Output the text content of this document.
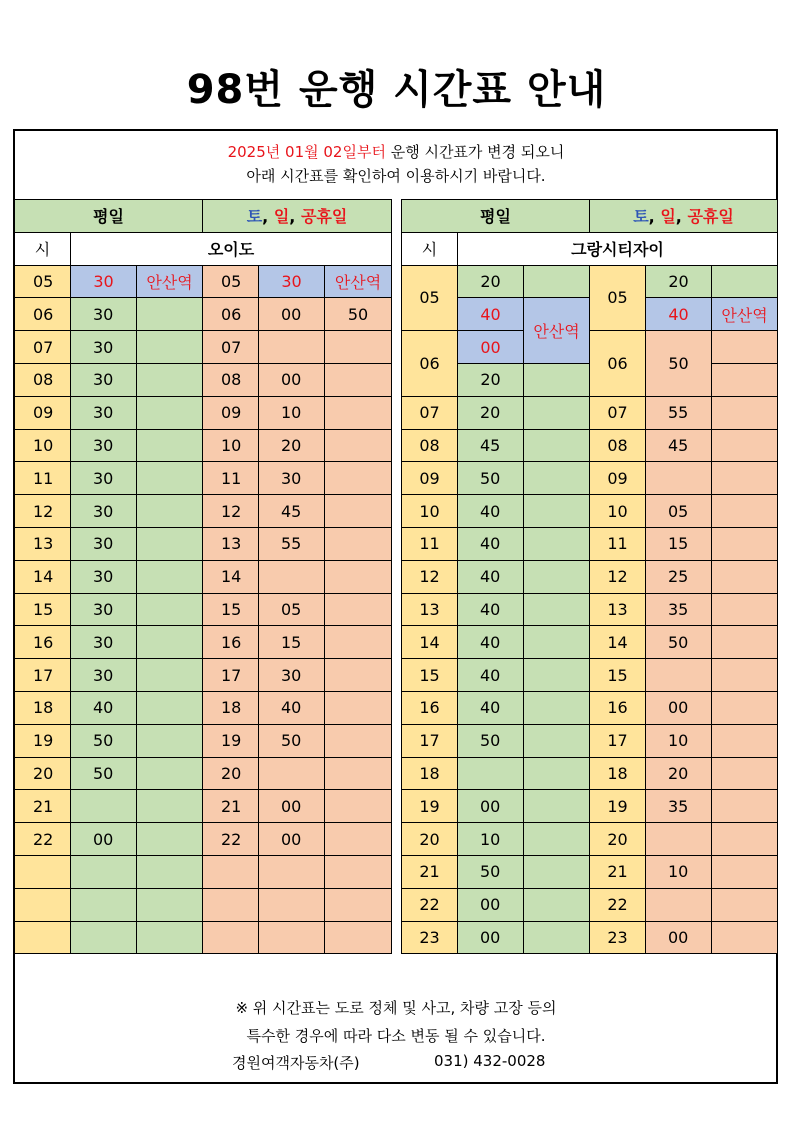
98번 운행 시간표 안내
2025년 01월 02일부터 운행 시간표가 변경 되오니
아래 시간표를 확인하여 이용하시기 바랍니다.
평일			토, 일, 공휴일		
시	오이도				
05	30	안산역	05	30	안산역
06	30		06	00	50
07	30		07		
08	30		08	00	
09	30		09	10	
10	30		10	20	
11	30		11	30	
12	30		12	45	
13	30		13	55	
14	30		14		
15	30		15	05	
16	30		16	15	
17	30		17	30	
18	40		18	40	
19	50		19	50	
20	50		20		
21			21	00	
22	00		22	00	

평일			토, 일, 공휴일		
시	그랑시티자이				
05	20		05	20	
	40	안산역		40	안산역
06	00		06	50	
	20				
07	20		07	55	
08	45		08	45	
09	50		09		
10	40		10	05	
11	40		11	15	
12	40		12	25	
13	40		13	35	
14	40		14	50	
15	40		15		
16	40		16	00	
17	50		17	10	
18			18	20	
19	00		19	35	
20	10		20		
21	50		21	10	
22	00		22		
23	00		23	00	
※ 위 시간표는 도로 정체 및 사고, 차량 고장 등의
특수한 경우에 따라 다소 변동 될 수 있습니다.
경원여객자동차(주)	031) 432-0028
